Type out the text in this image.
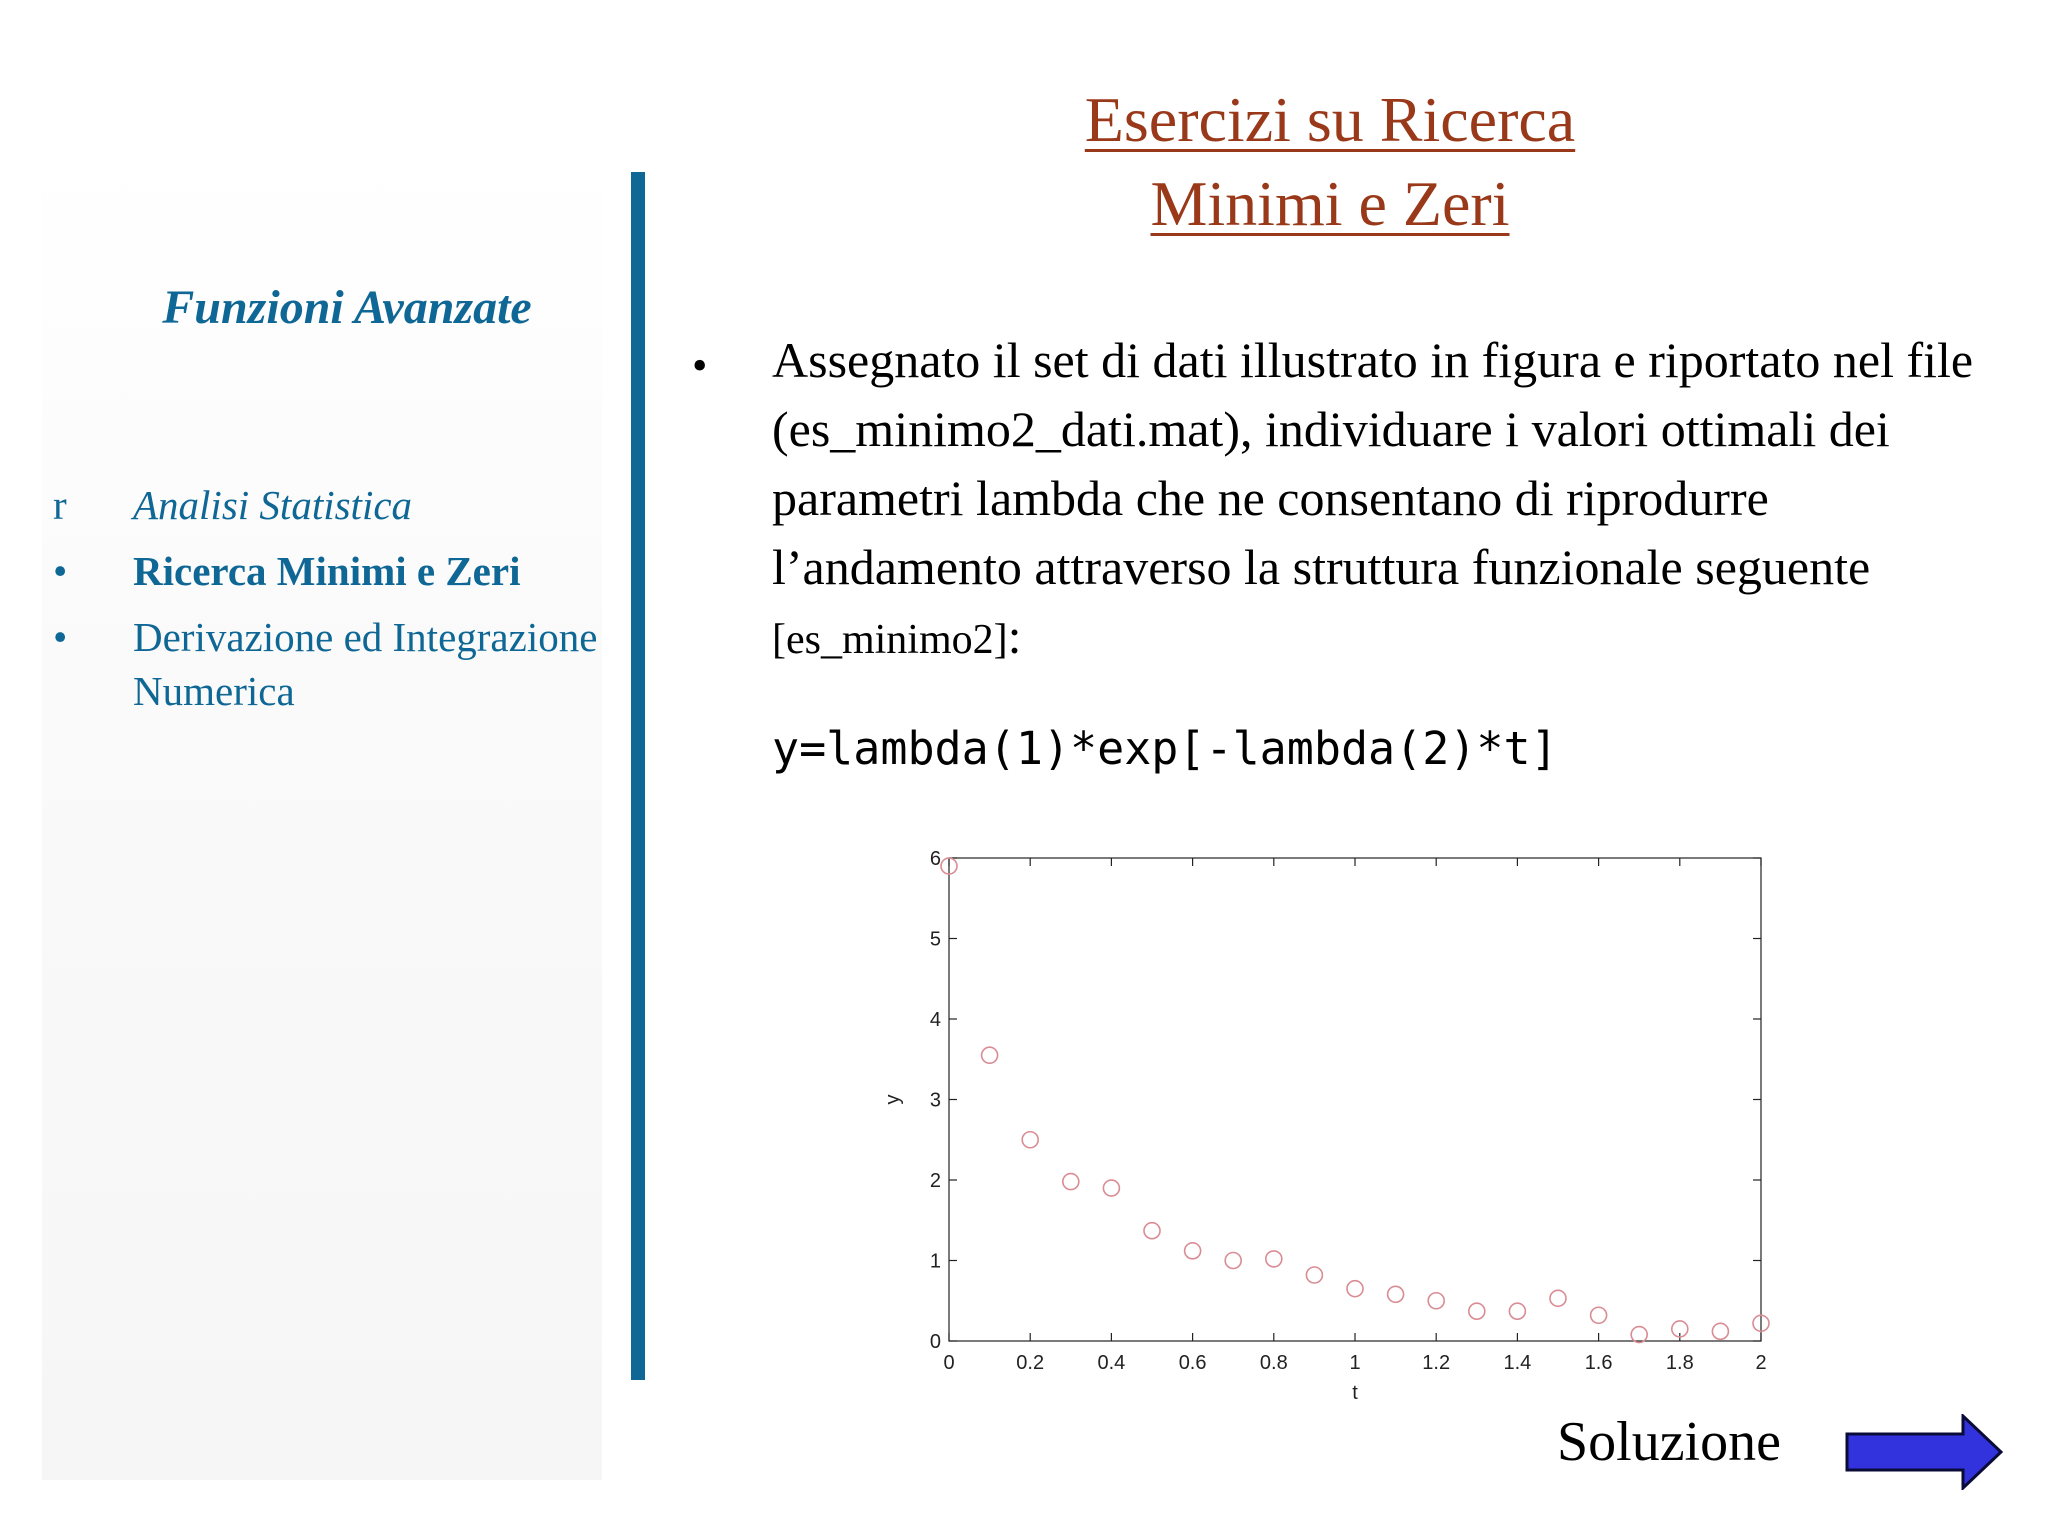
Funzioni Avanzate
r	Analisi Statistica
•	Ricerca Minimi e Zeri
•	Derivazione ed Integrazione Numerica
Esercizi su Ricerca
Minimi e Zeri
• Assegnato il set di dati illustrato in figura e riportato nel file (es_minimo2_dati.mat), individuare i valori ottimali dei parametri lambda che ne consentano di riprodurre l’andamento attraverso la struttura funzionale seguente [es_minimo2]:
y=lambda(1)*exp[-lambda(2)*t]
0	0.2	0.4	0.6	0.8	1	1.2	1.4	1.6	1.8	2
0
1
2
3
4
5
6
t
y
Soluzione
